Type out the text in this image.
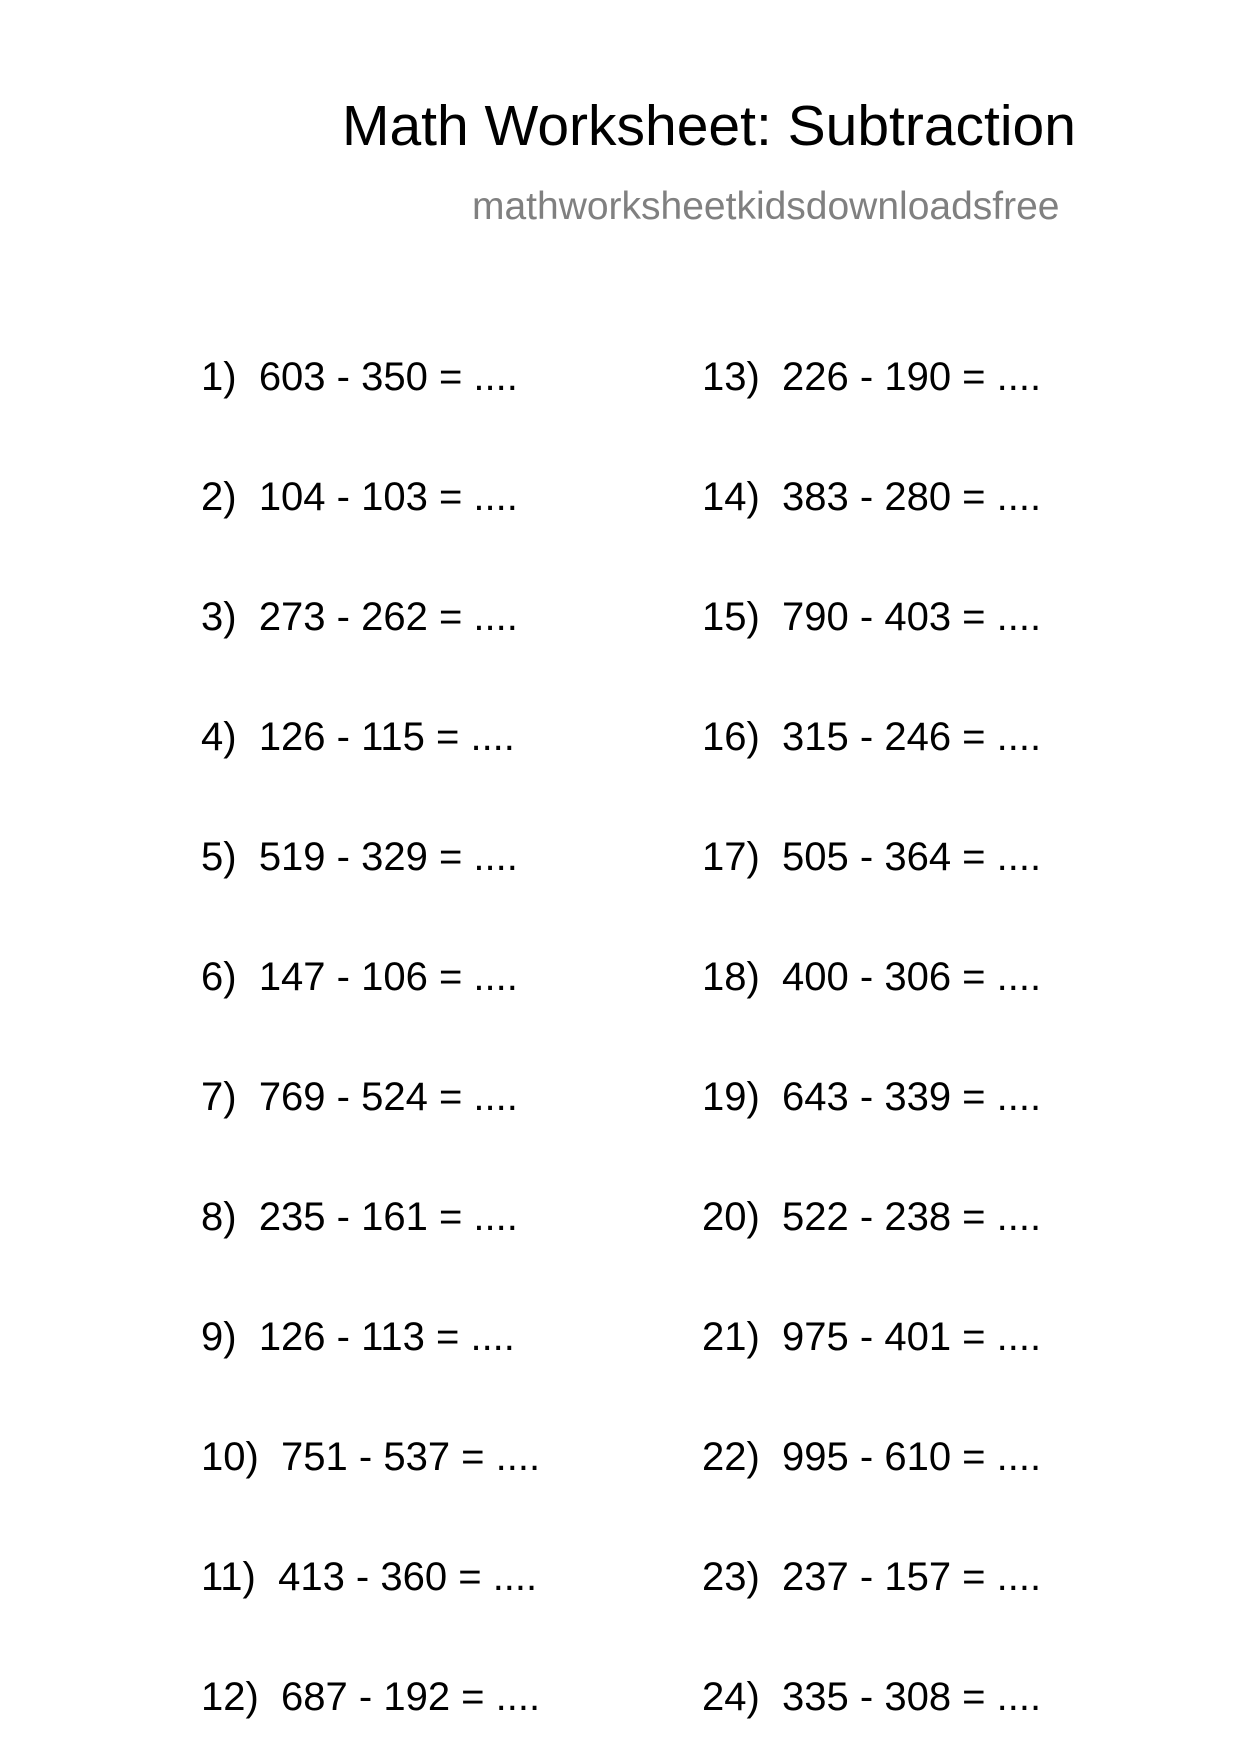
Math Worksheet: Subtraction
mathworksheetkidsdownloadsfree
1) 603 - 350 = ....
2) 104 - 103 = ....
3) 273 - 262 = ....
4) 126 - 115 = ....
5) 519 - 329 = ....
6) 147 - 106 = ....
7) 769 - 524 = ....
8) 235 - 161 = ....
9) 126 - 113 = ....
10) 751 - 537 = ....
11) 413 - 360 = ....
12) 687 - 192 = ....
13) 226 - 190 = ....
14) 383 - 280 = ....
15) 790 - 403 = ....
16) 315 - 246 = ....
17) 505 - 364 = ....
18) 400 - 306 = ....
19) 643 - 339 = ....
20) 522 - 238 = ....
21) 975 - 401 = ....
22) 995 - 610 = ....
23) 237 - 157 = ....
24) 335 - 308 = ....
